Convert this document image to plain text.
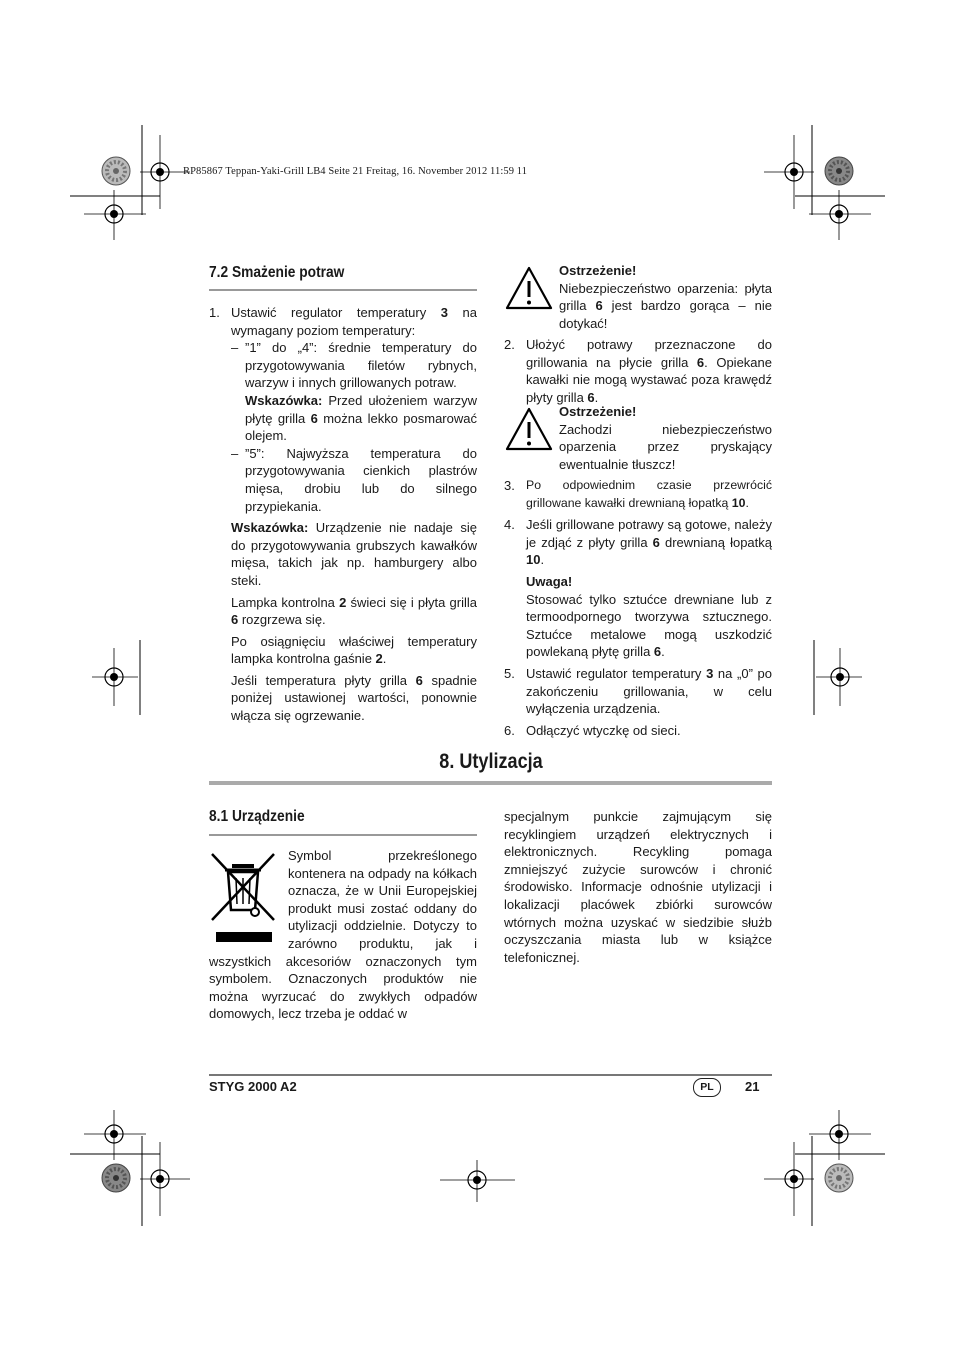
RP85867 Teppan-Yaki-Grill LB4 Seite 21 Freitag, 16. November 2012 11:59 11
7.2 Smażenie potraw
1. Ustawić regulator temperatury 3 na wymagany poziom temperatury:

– ”1” do „4”: średnie temperatury do przygotowywania filetów rybnych, warzyw i innych grillowanych potraw.

Wskazówka: Przed ułożeniem warzyw płytę grilla 6 można lekko posmarować olejem.

– ”5”: Najwyższa temperatura do przygotowywania cienkich plastrów mięsa, drobiu lub do silnego przypiekania.

Wskazówka: Urządzenie nie nadaje się do przygotowywania grubszych kawałków mięsa, takich jak np. hamburgery albo steki.

Lampka kontrolna 2 świeci się i płyta grilla 6 rozgrzewa się.

Po osiągnięciu właściwej temperatury lampka kontrolna gaśnie 2.

Jeśli temperatura płyty grilla 6 spadnie poniżej ustawionej wartości, ponownie włącza się ogrzewanie.

Ostrzeżenie!

Niebezpieczeństwo oparzenia: płyta grilla 6 jest bardzo gorąca – nie dotykać!

2. Ułożyć potrawy przeznaczone do grillowania na płycie grilla 6. Opiekane kawałki nie mogą wystawać poza krawędź płyty grilla 6.

Ostrzeżenie!

Zachodzi niebezpieczeństwo oparzenia przez pryskający ewentualnie tłuszcz!

3. Po odpowiednim czasie przewrócić grillowane kawałki drewnianą łopatką 10.

4. Jeśli grillowane potrawy są gotowe, należy je zdjąć z płyty grilla 6 drewnianą łopatką 10.

Uwaga!

Stosować tylko sztućce drewniane lub z termoodpornego tworzywa sztucznego. Sztućce metalowe mogą uszkodzić powlekaną płytę grilla 6.

5. Ustawić regulator temperatury 3 na „0” po zakończeniu grillowania, w celu wyłączenia urządzenia.

6. Odłączyć wtyczkę od sieci.

8. Utylizacja
8.1 Urządzenie

Symbol przekreślonego kontenera na odpady na kółkach oznacza, że w Unii Europejskiej produkt musi zostać oddany do utylizacji oddzielnie. Dotyczy to zarówno produktu, jak i wszystkich akcesoriów oznaczonych tym symbolem. Oznaczonych produktów nie można wyrzucać do zwykłych odpadów domowych, lecz trzeba je oddać w

specjalnym punkcie zajmującym się recyklingiem urządzeń elektrycznych i elektronicznych. Recykling pomaga zmniejszyć zużycie surowców i chronić środowisko. Informacje odnośnie utylizacji i lokalizacji placówek zbiórki surowców wtórnych można uzyskać w siedzibie służb oczyszczania miasta lub w książce telefonicznej.

STYG 2000 A2	PL	21
